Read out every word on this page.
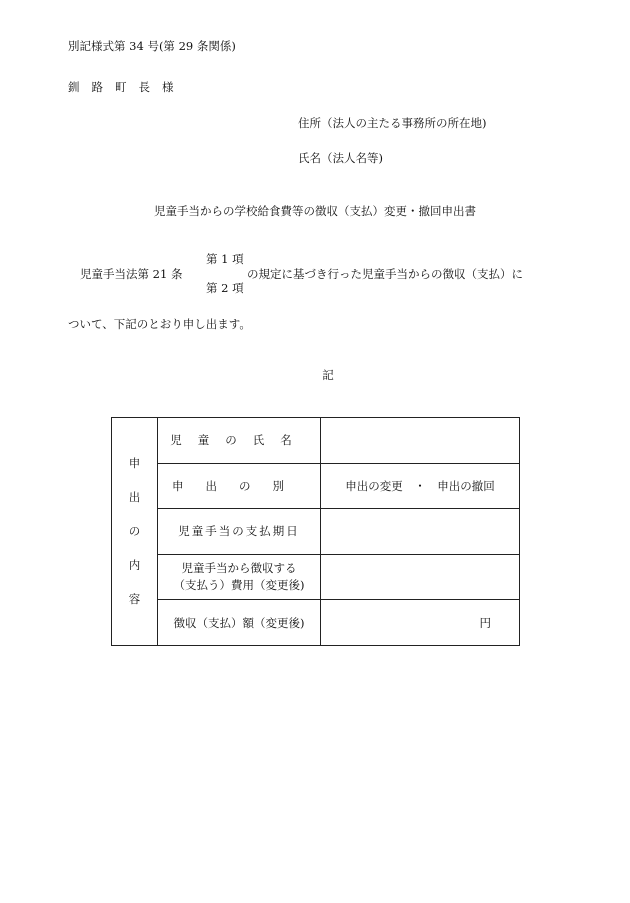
別記様式第 34 号(第 29 条関係)
釧路町長様
住所（法人の主たる事務所の所在地)
氏名（法人名等)
児童手当からの学校給食費等の徴収（支払）変更・撤回申出書
児童手当法第 21 条
第 1 項
第 2 項
の規定に基づき行った児童手当からの徴収（支払）に
ついて、下記のとおり申し出ます。
記
申
出
の
内
容	児童の氏名	
	申出の別	申出の変更　・　申出の撤回
	児童手当の支払期日	

	児童手当から徴収する
（支払う）費用（変更後)	

	徴収（支払）額（変更後)	円
